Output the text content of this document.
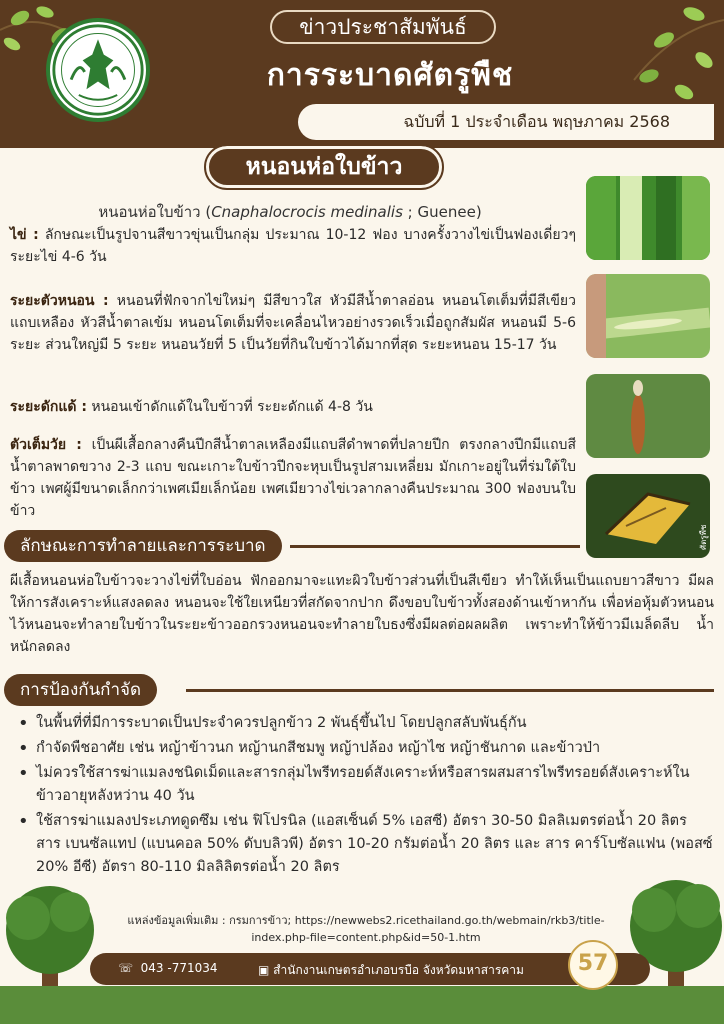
ข่าวประชาสัมพันธ์
การระบาดศัตรูพืช
ฉบับที่ 1 ประจำเดือน พฤษภาคม 2568
หนอนห่อใบข้าว
หนอนห่อใบข้าว (Cnaphalocrocis medinalis ; Guenee)

ไข่ : ลักษณะเป็นรูปจานสีขาวขุ่นเป็นกลุ่ม ประมาณ 10-12 ฟอง บางครั้งวางไข่เป็นฟองเดี่ยวๆ ระยะไข่ 4-6 วัน

ระยะตัวหนอน : หนอนที่ฟักจากไข่ใหม่ๆ มีสีขาวใส หัวมีสีน้ำตาลอ่อน หนอนโตเต็มที่มีสีเขียวแถบเหลือง หัวสีน้ำตาลเข้ม หนอนโตเต็มที่จะเคลื่อนไหวอย่างรวดเร็วเมื่อถูกสัมผัส หนอนมี 5-6 ระยะ ส่วนใหญ่มี 5 ระยะ หนอนวัยที่ 5 เป็นวัยที่กินใบข้าวได้มากที่สุด ระยะหนอน 15-17 วัน

ระยะดักแด้ : หนอนเข้าดักแด้ในใบข้าวที่ ระยะดักแด้ 4-8 วัน

ตัวเต็มวัย : เป็นผีเสื้อกลางคืนปีกสีน้ำตาลเหลืองมีแถบสีดำพาดที่ปลายปีก ตรงกลางปีกมีแถบสีน้ำตาลพาดขวาง 2-3 แถบ ขณะเกาะใบข้าวปีกจะหุบเป็นรูปสามเหลี่ยม มักเกาะอยู่ในที่ร่มใต้ใบข้าว เพศผู้มีขนาดเล็กกว่าเพศเมียเล็กน้อย เพศเมียวางไข่เวลากลางคืนประมาณ 300 ฟองบนใบข้าว

ศัตรูพืช
ลักษณะการทำลายและการระบาด

ผีเสื้อหนอนห่อใบข้าวจะวางไข่ที่ใบอ่อน ฟักออกมาจะแทะผิวใบข้าวส่วนที่เป็นสีเขียว ทำให้เห็นเป็นแถบยาวสีขาว มีผลให้การสังเคราะห์แสงลดลง หนอนจะใช้ใยเหนียวที่สกัดจากปาก ดึงขอบใบข้าวทั้งสองด้านเข้าหากัน เพื่อห่อหุ้มตัวหนอนไว้หนอนจะทำลายใบข้าวในระยะข้าวออกรวงหนอนจะทำลายใบธงซึ่งมีผลต่อผลผลิต เพราะทำให้ข้าวมีเมล็ดลีบ น้ำหนักลดลง

การป้องกันกำจัด
• ในพื้นที่ที่มีการระบาดเป็นประจำควรปลูกข้าว 2 พันธุ์ขึ้นไป โดยปลูกสลับพันธุ์กัน
• กำจัดพืชอาศัย เช่น หญ้าข้าวนก หญ้านกสีชมพู หญ้าปล้อง หญ้าไซ หญ้าชันกาด และข้าวป่า
• ไม่ควรใช้สารฆ่าแมลงชนิดเม็ดและสารกลุ่มไพรีทรอยด์สังเคราะห์หรือสารผสมสารไพรีทรอยด์สังเคราะห์ในข้าวอายุหลังหว่าน 40 วัน
• ใช้สารฆ่าแมลงประเภทดูดซึม เช่น ฟิโปรนิล (แอสเซ็นด์ 5% เอสซี) อัตรา 30-50 มิลลิเมตรต่อน้ำ 20 ลิตร สาร เบนซัลแทป (แบนคอล 50% ดับบลิวพี) อัตรา 10-20 กรัมต่อน้ำ 20 ลิตร และ สาร คาร์โบซัลแฟน (พอสซ์ 20% อีซี) อัตรา 80-110 มิลลิลิตรต่อน้ำ 20 ลิตร
แหล่งข้อมูลเพิ่มเติม : กรมการข้าว; https://newwebs2.ricethailand.go.th/webmain/rkb3/title-
index.php-file=content.php&id=50-1.htm
☏ 043 -771034	▣ สำนักงานเกษตรอำเภอบรบือ จังหวัดมหาสารคาม	57
